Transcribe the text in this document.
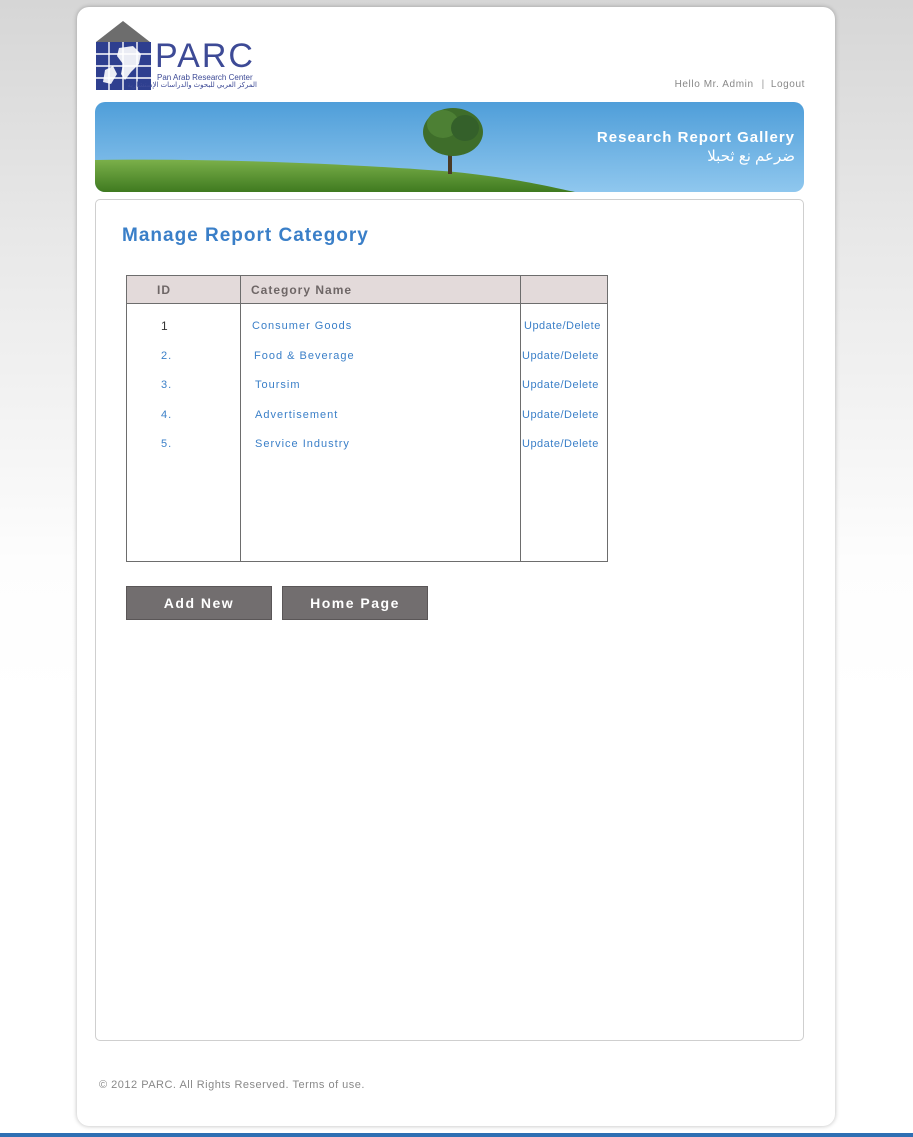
PARC
Pan Arab Research Center
المركز العربي للبحوث والدراسات الإستشارية	Hello Mr. Admin | Logout
Research Report Gallery
ضرعم نع ثحبلا
Manage Report Category
ID	Category Name
1	Consumer Goods	Update/Delete
2.	Food & Beverage	Update/Delete
3.	Toursim	Update/Delete
4.	Advertisement	Update/Delete
5.	Service Industry	Update/Delete
Add New	Home Page
© 2012 PARC. All Rights Reserved. Terms of use.
